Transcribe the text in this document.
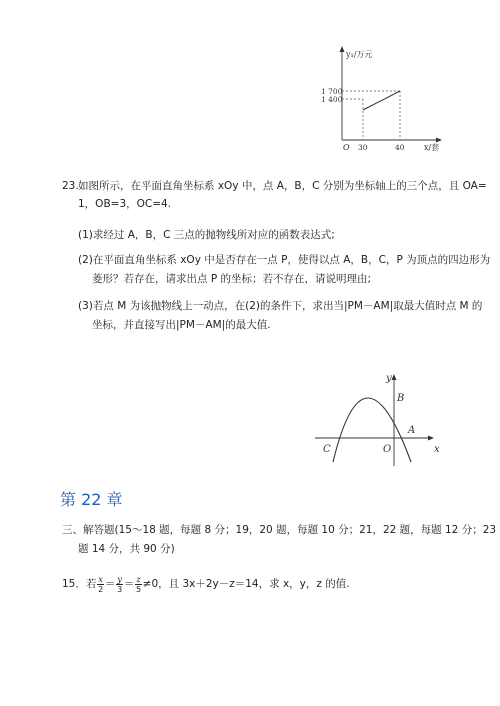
y₁/万元
1 700
1 400
O 30	40 x/套
23. 如图所示，在平面直角坐标系 xOy 中，点 A，B，C 分别为坐标轴上的三个点，且 OA=
1，OB=3，OC=4.
(1)求经过 A，B，C 三点的抛物线所对应的函数表达式;
(2)在平面直角坐标系 xOy 中是否存在一点 P，使得以点 A，B，C，P 为顶点的四边形为
菱形？若存在，请求出点 P 的坐标；若不存在，请说明理由;
(3)若点 M 为该抛物线上一动点，在(2)的条件下，求出当|PM－AM|取最大值时点 M 的
坐标，并直接写出|PM－AM|的最大值.
y
x
B
A
C	O
第 22 章
三、解答题(15～18 题，每题 8 分；19，20 题，每题 10 分；21，22 题，每题 12 分；23
题 14 分，共 90 分)
15．若 $\frac{x}{2} = \frac{y}{3} = \frac{z}{5} \ne 0$，且 3x＋2y－z＝14，求 x，y，z 的值.
